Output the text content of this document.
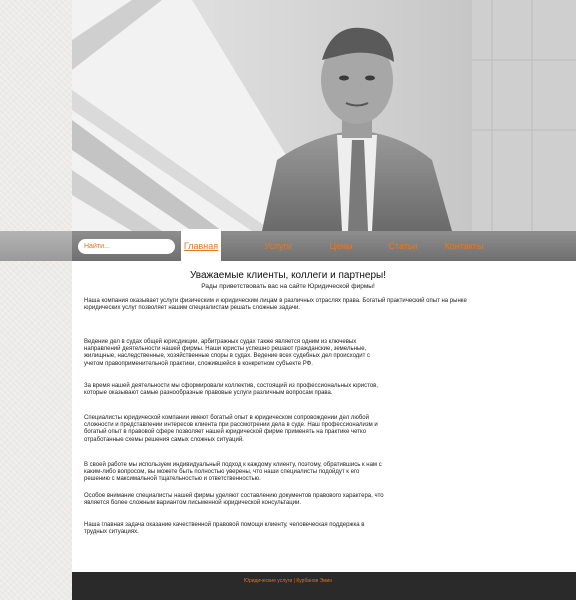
Найти...
Главная	Услуги	Цены	Статьи	Контакты
Уважаемые клиенты, коллеги и партнеры!

Рады приветствовать вас на сайте Юридической фирмы!

Наша компания оказывает услуги физическим и юридическим лицам в различных отраслях права. Богатый практический опыт на рынке юридических услуг позволяет нашим специалистам решать сложные задачи.

Ведение дел в судах общей юрисдикции, арбитражных судах также является одним из ключевых направлений деятельности нашей фирмы. Наши юристы успешно решают гражданские, земельные, жилищные, наследственные, хозяйственные споры в судах. Ведение всех судебных дел происходит с учетом правоприменительной практики, сложившейся в конкретном субъекте РФ.

За время нашей деятельности мы сформировали коллектив, состоящий из профессиональных юристов, которые оказывают самые разнообразные правовые услуги различным вопросам права.

Специалисты юридической компании имеют богатый опыт в юридическом сопровождении дел любой сложности и представлении интересов клиента при рассмотрении дела в суде. Наш профессионализм и богатый опыт в правовой сфере позволяет нашей юридической фирме применять на практике четко отработанные схемы решения самых сложных ситуаций.

В своей работе мы используем индивидуальный подход к каждому клиенту, поэтому, обратившись к нам с каким-либо вопросом, вы можете быть полностью уверены, что наши специалисты подойдут к его решению с максимальной тщательностью и ответственностью.

Особое внимание специалисты нашей фирмы уделяют составлению документов правового характера, что является более сложным вариантом письменной юридической консультации.

Наша главная задача оказание качественной правовой помощи клиенту, человеческая поддержка в трудных ситуациях.

Юридические услуги | Курбанов Эмин
